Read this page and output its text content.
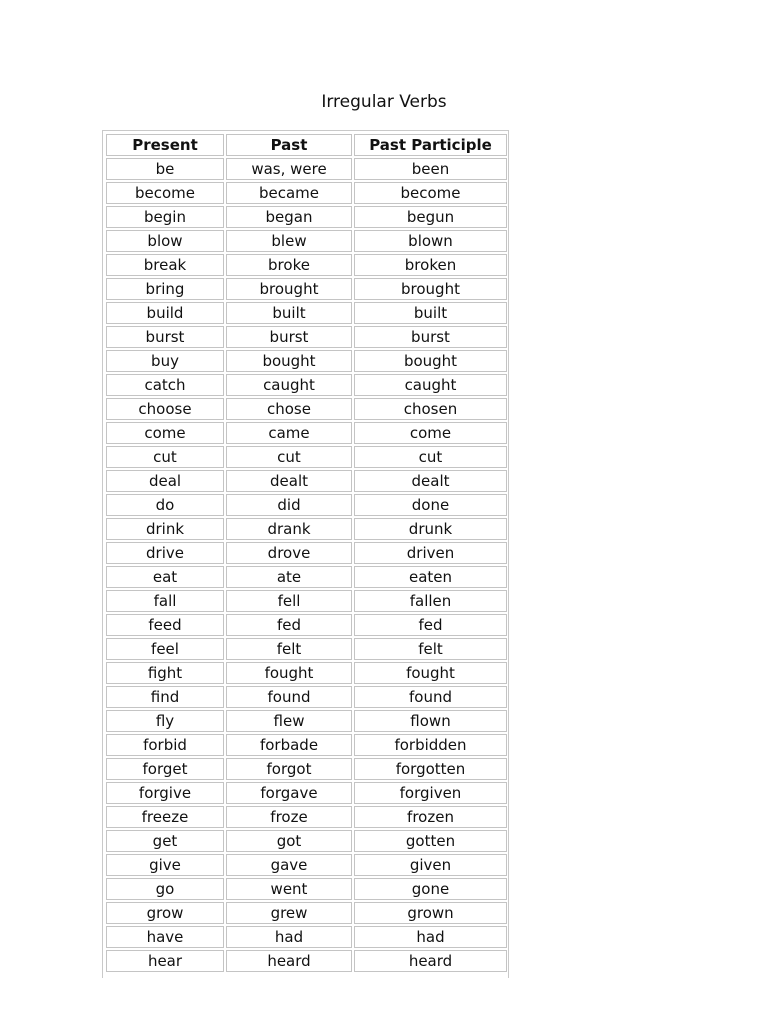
Irregular Verbs
Present	Past	Past Participle
be	was, were	been
become	became	become
begin	began	begun
blow	blew	blown
break	broke	broken
bring	brought	brought
build	built	built
burst	burst	burst
buy	bought	bought
catch	caught	caught
choose	chose	chosen
come	came	come
cut	cut	cut
deal	dealt	dealt
do	did	done
drink	drank	drunk
drive	drove	driven
eat	ate	eaten
fall	fell	fallen
feed	fed	fed
feel	felt	felt
fight	fought	fought
find	found	found
fly	flew	flown
forbid	forbade	forbidden
forget	forgot	forgotten
forgive	forgave	forgiven
freeze	froze	frozen
get	got	gotten
give	gave	given
go	went	gone
grow	grew	grown
have	had	had
hear	heard	heard
